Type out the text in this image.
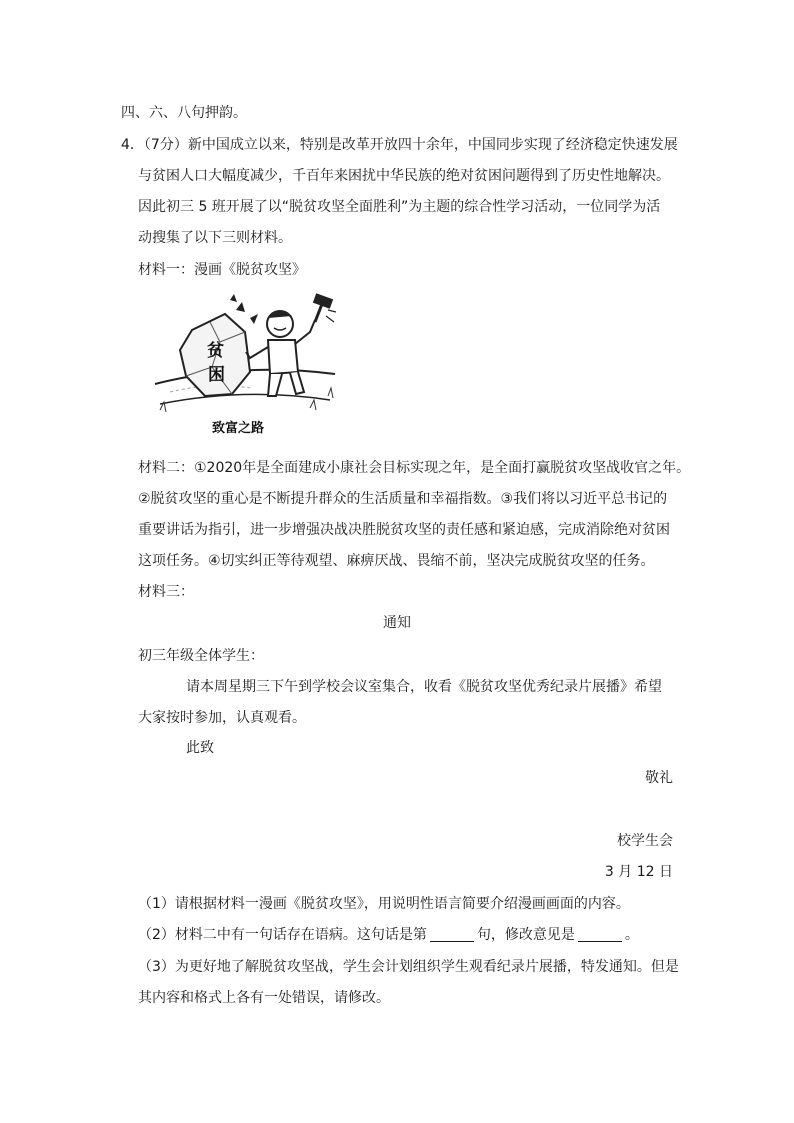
四、六、八句押韵。
4．（7分）新中国成立以来，特别是改革开放四十余年，中国同步实现了经济稳定快速发展
与贫困人口大幅度减少，千百年来困扰中华民族的绝对贫困问题得到了历史性地解决。
因此初三 5 班开展了以“脱贫攻坚全面胜利”为主题的综合性学习活动，一位同学为活
动搜集了以下三则材料。
材料一：漫画《脱贫攻坚》
贫
困
致富之路
材料二：①2020年是全面建成小康社会目标实现之年，是全面打赢脱贫攻坚战收官之年。
②脱贫攻坚的重心是不断提升群众的生活质量和幸福指数。③我们将以习近平总书记的
重要讲话为指引，进一步增强决战决胜脱贫攻坚的责任感和紧迫感，完成消除绝对贫困
这项任务。④切实纠正等待观望、麻痹厌战、畏缩不前，坚决完成脱贫攻坚的任务。
材料三：
通知
初三年级全体学生：
请本周星期三下午到学校会议室集合，收看《脱贫攻坚优秀纪录片展播》希望
大家按时参加，认真观看。
此致
敬礼
校学生会
3 月 12 日
（1）请根据材料一漫画《脱贫攻坚》，用说明性语言简要介绍漫画画面的内容。
（2）材料二中有一句话存在语病。这句话是第	句，修改意见是	。
（3）为更好地了解脱贫攻坚战，学生会计划组织学生观看纪录片展播，特发通知。但是
其内容和格式上各有一处错误，请修改。
